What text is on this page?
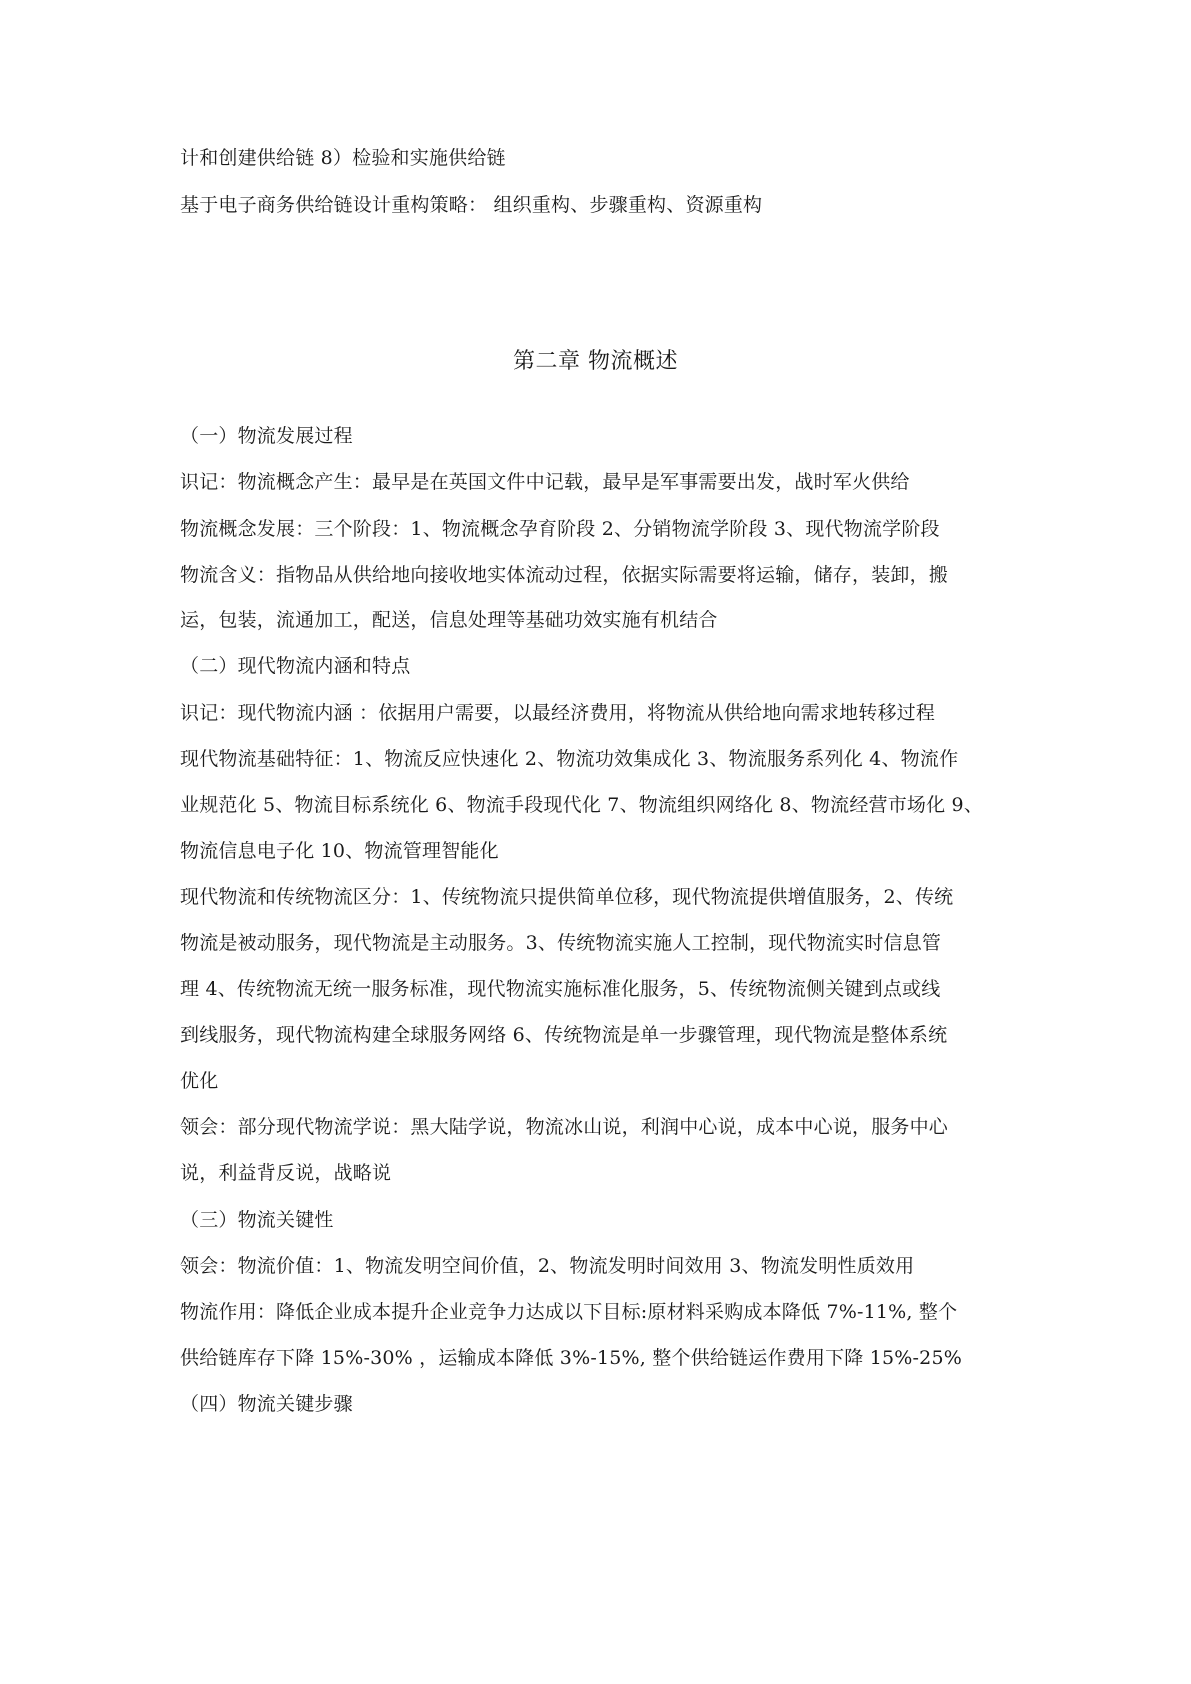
计和创建供给链 8）检验和实施供给链
基于电子商务供给链设计重构策略： 组织重构、步骤重构、资源重构
第二章 物流概述
（一）物流发展过程
识记：物流概念产生：最早是在英国文件中记载，最早是军事需要出发，战时军火供给
物流概念发展：三个阶段：1、物流概念孕育阶段 2、分销物流学阶段 3、现代物流学阶段
物流含义：指物品从供给地向接收地实体流动过程，依据实际需要将运输，储存，装卸，搬
运，包装，流通加工，配送，信息处理等基础功效实施有机结合
（二）现代物流内涵和特点
识记：现代物流内涵 ：依据用户需要，以最经济费用，将物流从供给地向需求地转移过程
现代物流基础特征：1、物流反应快速化 2、物流功效集成化 3、物流服务系列化 4、物流作
业规范化 5、物流目标系统化 6、物流手段现代化 7、物流组织网络化 8、物流经营市场化 9、
物流信息电子化 10、物流管理智能化
现代物流和传统物流区分：1、传统物流只提供简单位移，现代物流提供增值服务，2、传统
物流是被动服务，现代物流是主动服务。3、传统物流实施人工控制，现代物流实时信息管
理 4、传统物流无统一服务标准，现代物流实施标准化服务，5、传统物流侧关键到点或线
到线服务，现代物流构建全球服务网络 6、传统物流是单一步骤管理，现代物流是整体系统
优化
领会：部分现代物流学说：黑大陆学说，物流冰山说，利润中心说，成本中心说，服务中心
说，利益背反说，战略说
（三）物流关键性
领会：物流价值：1、物流发明空间价值，2、物流发明时间效用 3、物流发明性质效用
物流作用：降低企业成本提升企业竞争力达成以下目标:原材料采购成本降低 7%-11%, 整个
供给链库存下降 15%-30% ，运输成本降低 3%-15%, 整个供给链运作费用下降 15%-25%
（四）物流关键步骤
